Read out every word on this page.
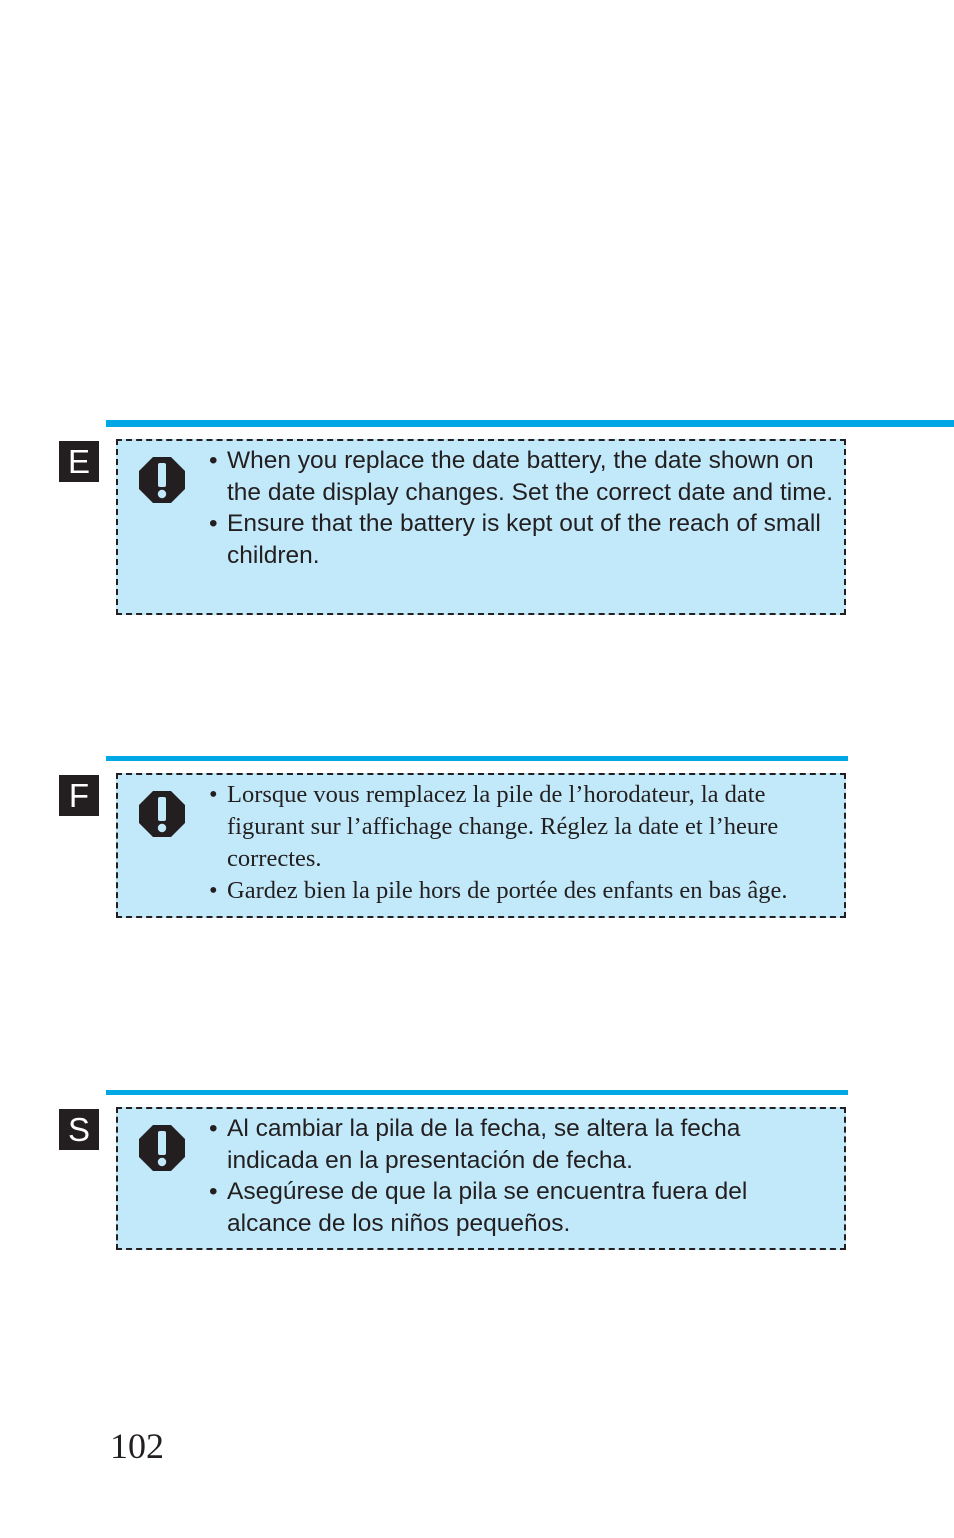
E	• When you replace the date battery, the date shown on the date display changes. Set the correct date and time.
• Ensure that the battery is kept out of the reach of small children.
F	• Lorsque vous remplacez la pile de l’horodateur, la date figurant sur l’affichage change. Réglez la date et l’heure correctes.
• Gardez bien la pile hors de portée des enfants en bas âge.
S	• Al cambiar la pila de la fecha, se altera la fecha indicada en la presentación de fecha.
• Asegúrese de que la pila se encuentra fuera del alcance de los niños pequeños.
102
